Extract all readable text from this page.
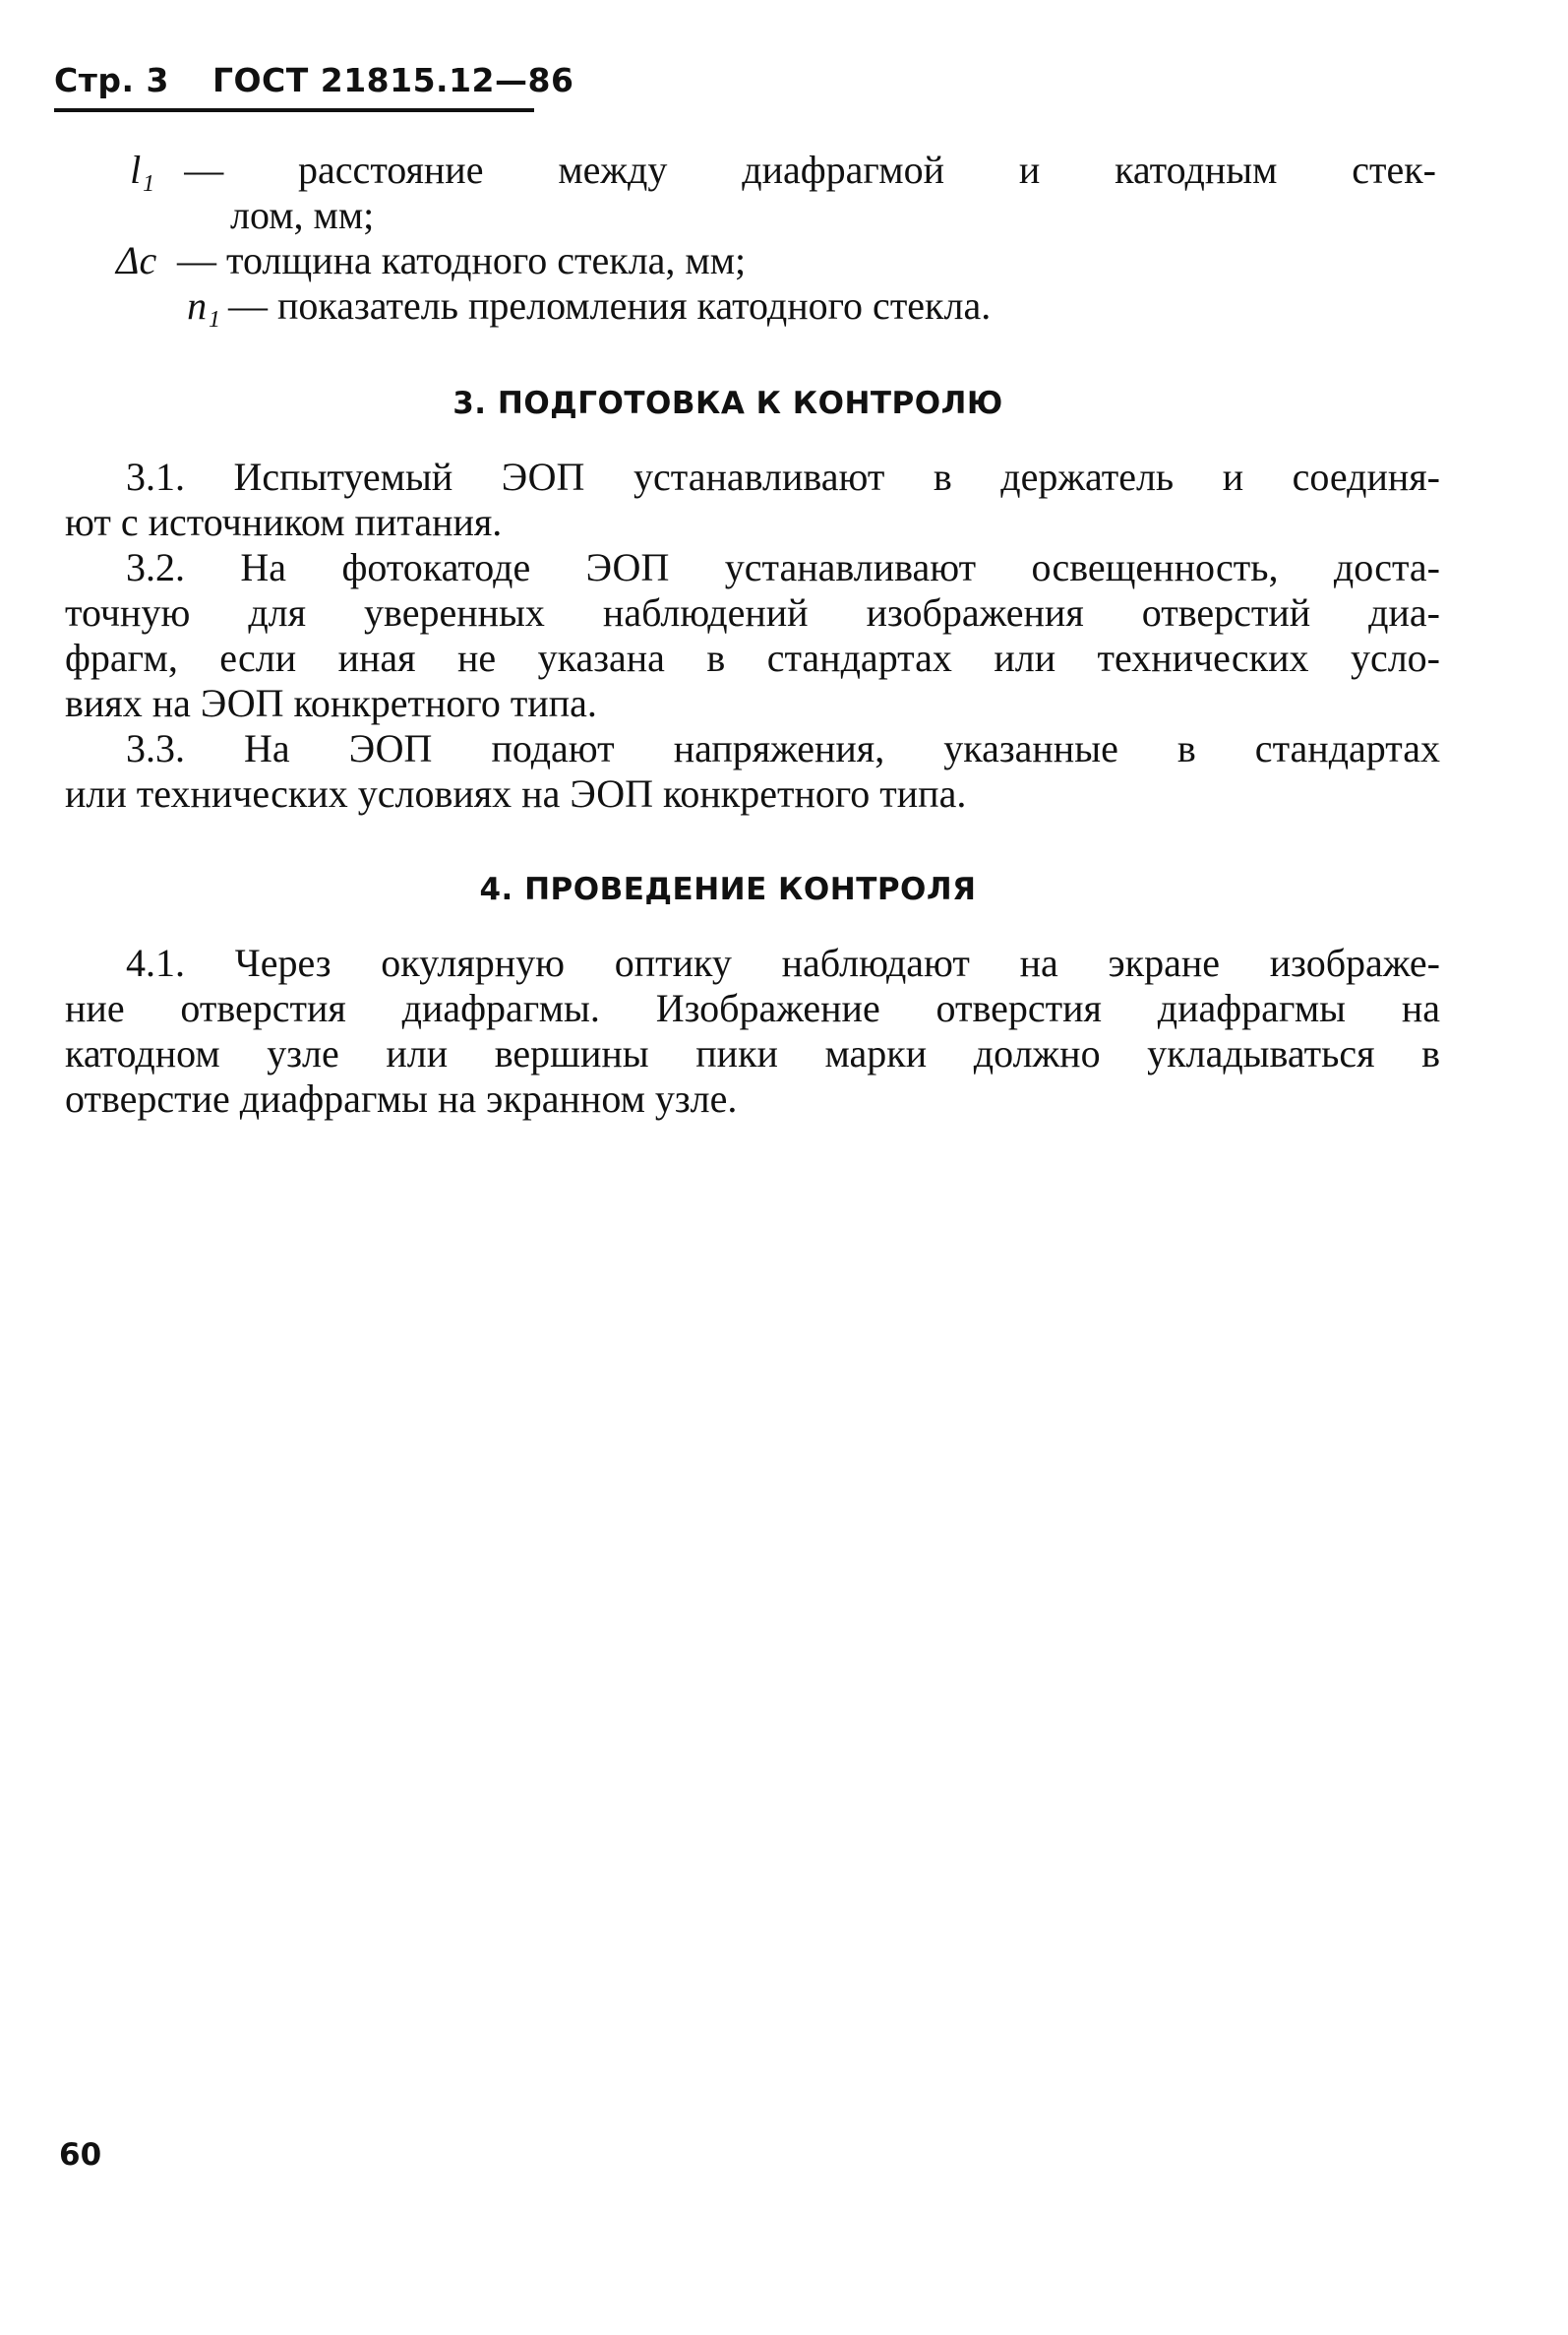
Стр. 3 ГОСТ 21815.12—86
l₁ — расстояние между диафрагмой и катодным стек-
лом, мм;
Δc — толщина катодного стекла, мм;
n₁ — показатель преломления катодного стекла.
3. ПОДГОТОВКА К КОНТРОЛЮ
3.1. Испытуемый ЭОП устанавливают в держатель и соединя-
ют с источником питания.
3.2. На фотокатоде ЭОП устанавливают освещенность, доста-
точную для уверенных наблюдений изображения отверстий диа-
фрагм, если иная не указана в стандартах или технических усло-
виях на ЭОП конкретного типа.
3.3. На ЭОП подают напряжения, указанные в стандартах
или технических условиях на ЭОП конкретного типа.
4. ПРОВЕДЕНИЕ КОНТРОЛЯ
4.1. Через окулярную оптику наблюдают на экране изображе-
ние отверстия диафрагмы. Изображение отверстия диафрагмы на
катодном узле или вершины пики марки должно укладываться в
отверстие диафрагмы на экранном узле.
60
